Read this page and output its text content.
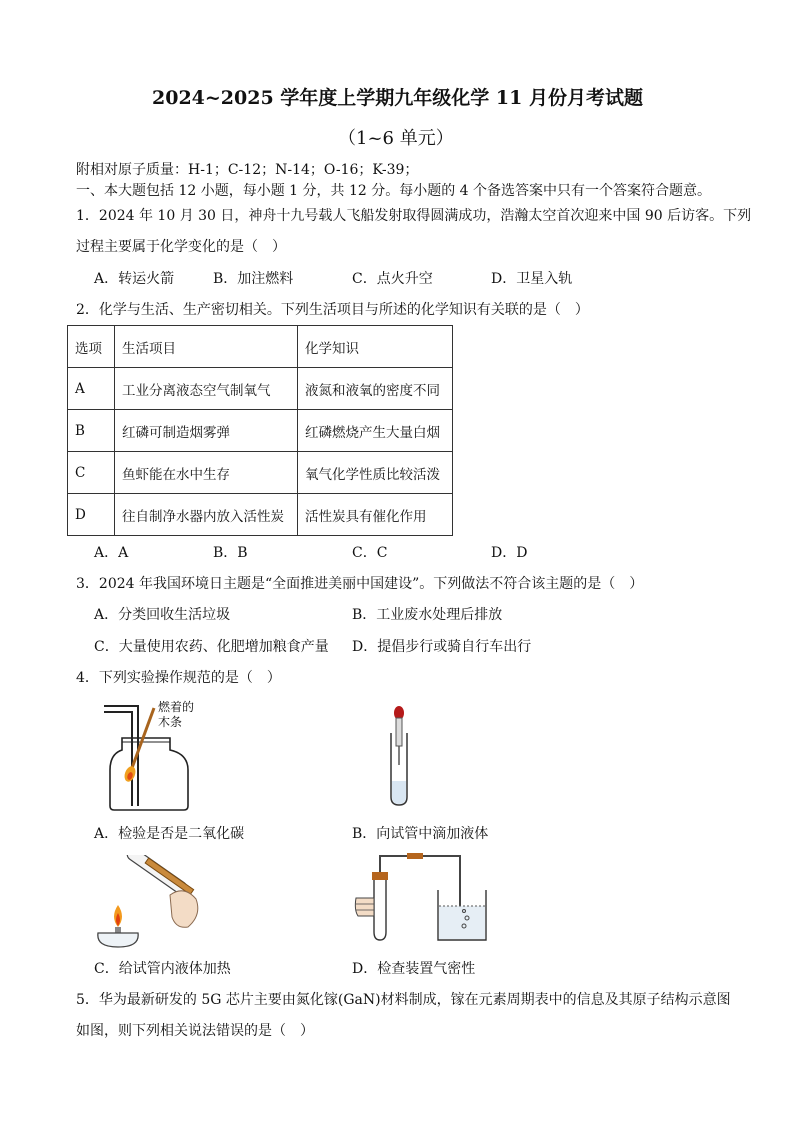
2024~2025 学年度上学期九年级化学 11 月份月考试题
（1~6 单元）
附相对原子质量：H-1；C-12；N-14；O-16；K-39；
一、本大题包括 12 小题，每小题 1 分，共 12 分。每小题的 4 个备选答案中只有一个答案符合题意。
1．2024 年 10 月 30 日，神舟十九号载人飞船发射取得圆满成功，浩瀚太空首次迎来中国 90 后访客。下列
过程主要属于化学变化的是（　）
A．转运火箭	B．加注燃料	C．点火升空	D．卫星入轨
2．化学与生活、生产密切相关。下列生活项目与所述的化学知识有关联的是（　）
选项	生活项目	化学知识
A	工业分离液态空气制氧气	液氮和液氧的密度不同
B	红磷可制造烟雾弹	红磷燃烧产生大量白烟
C	鱼虾能在水中生存	氧气化学性质比较活泼
D	往自制净水器内放入活性炭	活性炭具有催化作用
A．A	B．B	C．C	D．D
3．2024 年我国环境日主题是“全面推进美丽中国建设”。下列做法不符合该主题的是（　）
A．分类回收生活垃圾	B．工业废水处理后排放
C．大量使用农药、化肥增加粮食产量 D．提倡步行或骑自行车出行
4．下列实验操作规范的是（　）
燃着的
木条
A．检验是否是二氧化碳	B．向试管中滴加液体
C．给试管内液体加热	D．检查装置气密性
5．华为最新研发的 5G 芯片主要由氮化镓(GaN)材料制成，镓在元素周期表中的信息及其原子结构示意图
如图，则下列相关说法错误的是（　）
